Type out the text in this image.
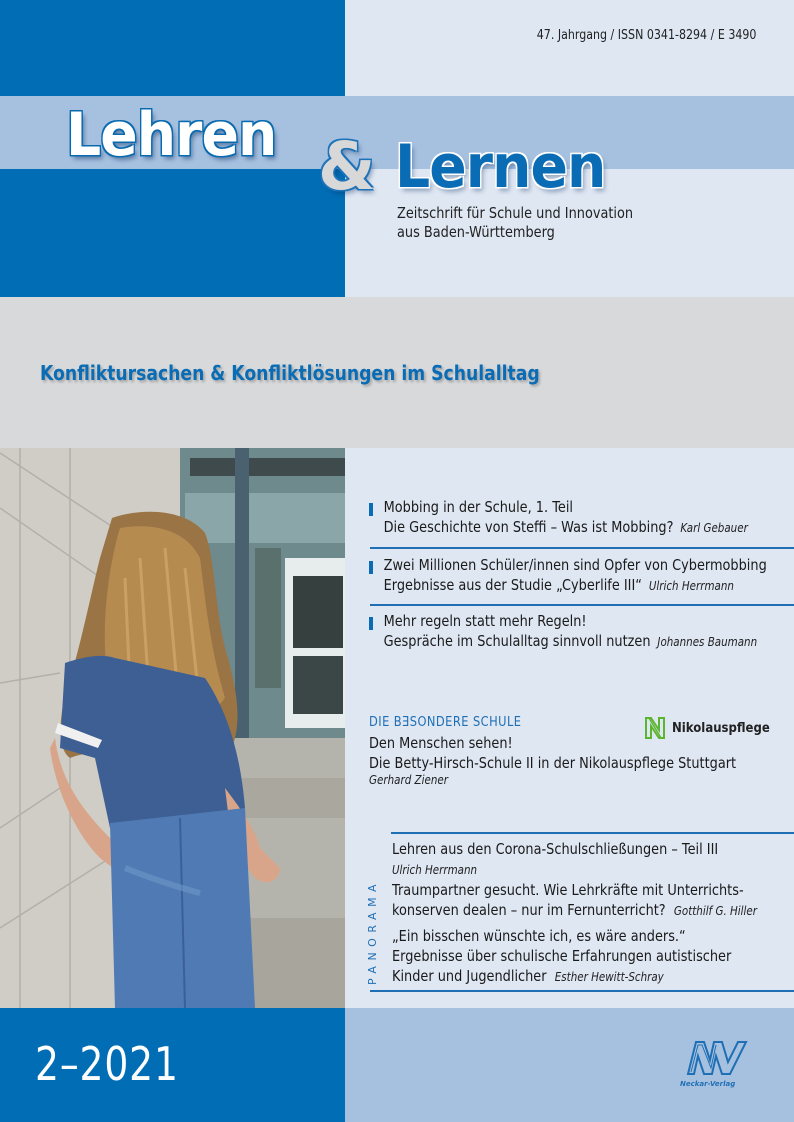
47. Jahrgang / ISSN 0341-8294 / E 3490
Lehren & Lernen
Zeitschrift für Schule und Innovation
aus Baden-Württemberg
Konfliktursachen & Konfliktlösungen im Schulalltag
Mobbing in der Schule, 1. Teil
Die Geschichte von Steffi – Was ist Mobbing? Karl Gebauer
Zwei Millionen Schüler/innen sind Opfer von Cybermobbing
Ergebnisse aus der Studie „Cyberlife III“ Ulrich Herrmann
Mehr regeln statt mehr Regeln!
Gespräche im Schulalltag sinnvoll nutzen Johannes Baumann
DIE BƎSONDERE SCHULE
Den Menschen sehen!
Die Betty-Hirsch-Schule II in der Nikolauspflege Stuttgart
Gerhard Ziener
Nikolauspflege
PANORAMA
Lehren aus den Corona-Schulschließungen – Teil III
Ulrich Herrmann
Traumpartner gesucht. Wie Lehrkräfte mit Unterrichts-
konserven dealen – nur im Fernunterricht? Gotthilf G. Hiller
„Ein bisschen wünschte ich, es wäre anders.“
Ergebnisse über schulische Erfahrungen autistischer
Kinder und Jugendlicher Esther Hewitt-Schray
2–2021	Neckar-Verlag
